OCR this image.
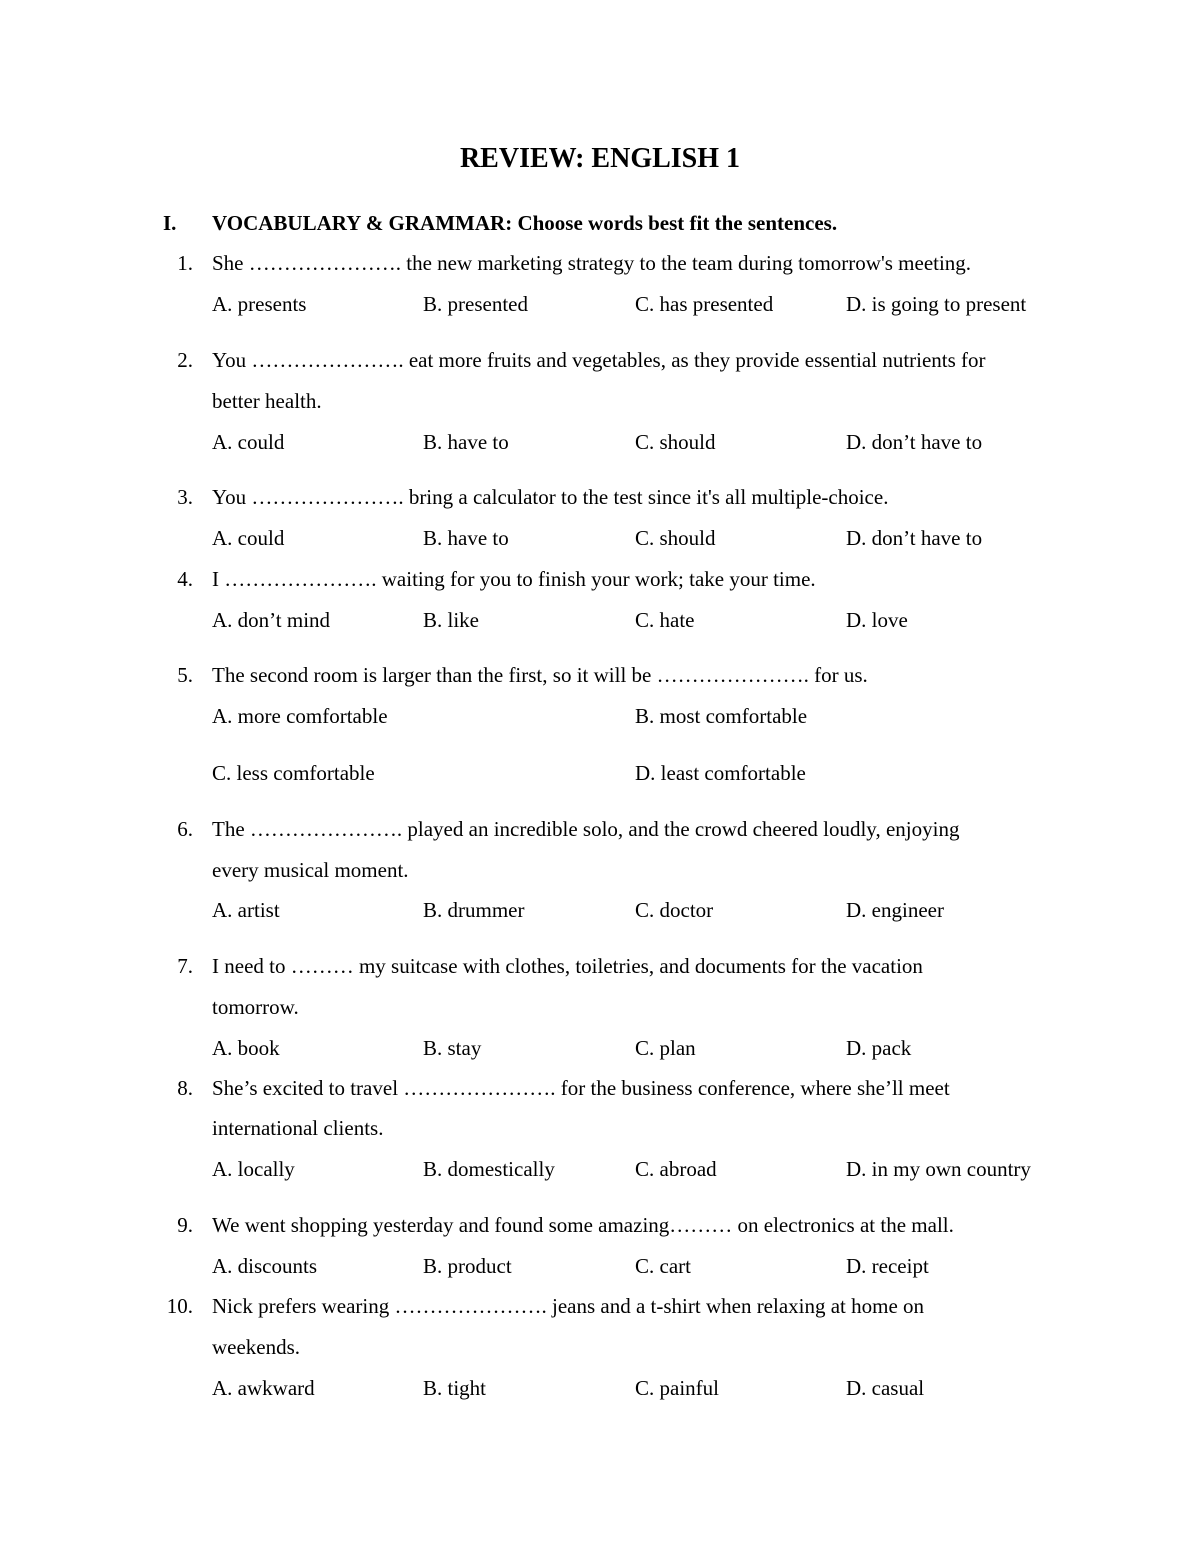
REVIEW: ENGLISH 1
I. VOCABULARY & GRAMMAR: Choose words best fit the sentences.
1. She …………………. the new marketing strategy to the team during tomorrow's meeting.
A. presents	B. presented	C. has presented	D. is going to present
2. You …………………. eat more fruits and vegetables, as they provide essential nutrients for
better health.
A. could	B. have to	C. should	D. don’t have to
3. You …………………. bring a calculator to the test since it's all multiple-choice.
A. could	B. have to	C. should	D. don’t have to
4. I …………………. waiting for you to finish your work; take your time.
A. don’t mind	B. like	C. hate	D. love
5. The second room is larger than the first, so it will be …………………. for us.
A. more comfortable	B. most comfortable
C. less comfortable	D. least comfortable
6. The …………………. played an incredible solo, and the crowd cheered loudly, enjoying
every musical moment.
A. artist	B. drummer	C. doctor	D. engineer
7. I need to ……… my suitcase with clothes, toiletries, and documents for the vacation
tomorrow.
A. book	B. stay	C. plan	D. pack
8. She’s excited to travel …………………. for the business conference, where she’ll meet
international clients.
A. locally	B. domestically	C. abroad	D. in my own country
9. We went shopping yesterday and found some amazing……… on electronics at the mall.
A. discounts	B. product	C. cart	D. receipt
10. Nick prefers wearing …………………. jeans and a t-shirt when relaxing at home on
weekends.
A. awkward	B. tight	C. painful	D. casual
